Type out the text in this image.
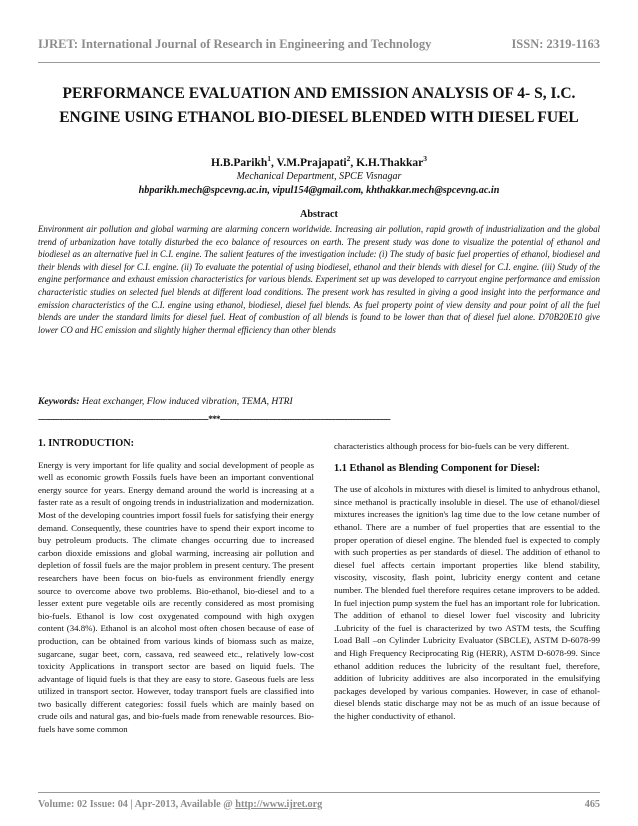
IJRET: International Journal of Research in Engineering and Technology	ISSN: 2319-1163
PERFORMANCE EVALUATION AND EMISSION ANALYSIS OF 4- S, I.C.
ENGINE USING ETHANOL BIO-DIESEL BLENDED WITH DIESEL FUEL
H.B.Parikh$^1$, V.M.Prajapati$^2$, K.H.Thakkar$^3$
Mechanical Department, SPCE Visnagar
hbparikh.mech@spcevng.ac.in, vipul154@gmail.com, khthakkar.mech@spcevng.ac.in
Abstract
Environment air pollution and global warming are alarming concern worldwide. Increasing air pollution, rapid growth of industrialization and the global trend of urbanization have totally disturbed the eco balance of resources on earth. The present study was done to visualize the potential of ethanol and biodiesel as an alternative fuel in C.I. engine. The salient features of the investigation include: (i) The study of basic fuel properties of ethanol, biodiesel and their blends with diesel for C.I. engine. (ii) To evaluate the potential of using biodiesel, ethanol and their blends with diesel for C.I. engine. (iii) Study of the engine performance and exhaust emission characteristics for various blends. Experiment set up was developed to carryout engine performance and emission characteristic studies on selected fuel blends at different load conditions. The present work has resulted in giving a good insight into the performance and emission characteristics of the C.I. engine using ethanol, biodiesel, diesel fuel blends. As fuel property point of view density and pour point of all the fuel blends are under the standard limits for diesel fuel. Heat of combustion of all blends is found to be lower than that of diesel fuel alone. D70B20E10 give lower CO and HC emission and slightly higher thermal efficiency than other blends
Keywords: Heat exchanger, Flow induced vibration, TEMA, HTRI
-----------------------------------------------------------------------***-----------------------------------------------------------------------
1. INTRODUCTION:

Energy is very important for life quality and social development of people as well as economic growth Fossils fuels have been an important conventional energy source for years. Energy demand around the world is increasing at a faster rate as a result of ongoing trends in industrialization and modernization. Most of the developing countries import fossil fuels for satisfying their energy demand. Consequently, these countries have to spend their export income to buy petroleum products. The climate changes occurring due to increased carbon dioxide emissions and global warming, increasing air pollution and depletion of fossil fuels are the major problem in present century. The present researchers have been focus on bio-fuels as environment friendly energy source to overcome above two problems. Bio-ethanol, bio-diesel and to a lesser extent pure vegetable oils are recently considered as most promising bio-fuels. Ethanol is low cost oxygenated compound with high oxygen content (34.8%). Ethanol is an alcohol most often chosen because of ease of production, can be obtained from various kinds of biomass such as maize, sugarcane, sugar beet, corn, cassava, red seaweed etc., relatively low-cost toxicity Applications in transport sector are based on liquid fuels. The advantage of liquid fuels is that they are easy to store. Gaseous fuels are less utilized in transport sector. However, today transport fuels are classified into two basically different categories: fossil fuels which are mainly based on crude oils and natural gas, and bio-fuels made from renewable resources. Bio-fuels have some common

characteristics although process for bio-fuels can be very different.

1.1 Ethanol as Blending Component for Diesel:

The use of alcohols in mixtures with diesel is limited to anhydrous ethanol, since methanol is practically insoluble in diesel. The use of ethanol/diesel mixtures increases the ignition's lag time due to the low cetane number of ethanol. There are a number of fuel properties that are essential to the proper operation of diesel engine. The blended fuel is expected to comply with such properties as per standards of diesel. The addition of ethanol to diesel fuel affects certain important properties like blend stability, viscosity, viscosity, flash point, lubricity energy content and cetane number. The blended fuel therefore requires cetane improvers to be added. In fuel injection pump system the fuel has an important role for lubrication. The addition of ethanol to diesel lower fuel viscosity and lubricity .Lubricity of the fuel is characterized by two ASTM tests, the Scuffing Load Ball –on Cylinder Lubricity Evaluator (SBCLE), ASTM D-6078-99 and High Frequency Reciprocating Rig (HERR), ASTM D-6078-99. Since ethanol addition reduces the lubricity of the resultant fuel, therefore, addition of lubricity additives are also incorporated in the emulsifying packages developed by various companies. However, in case of ethanol-diesel blends static discharge may not be as much of an issue because of the higher conductivity of ethanol.

Volume: 02 Issue: 04 | Apr-2013, Available @ http://www.ijret.org	465
